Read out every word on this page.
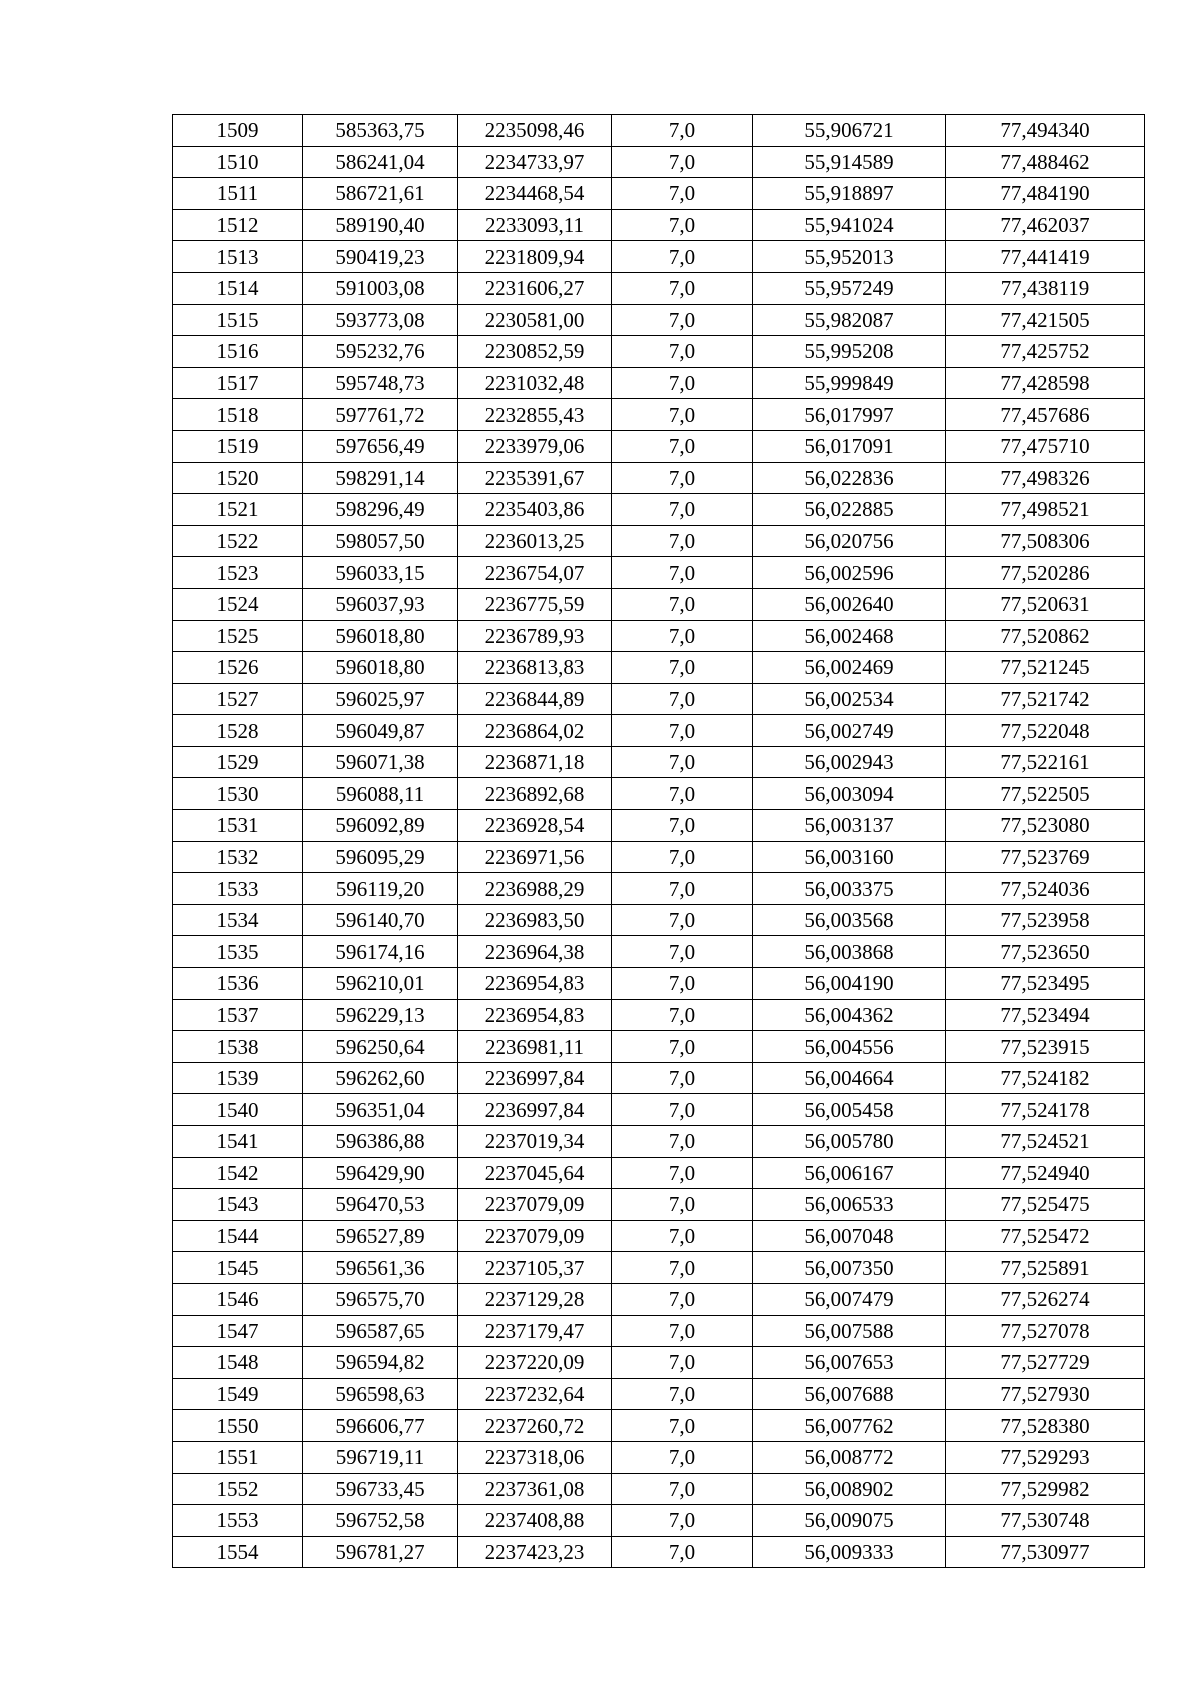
1509	585363,75	2235098,46	7,0	55,906721	77,494340
1510	586241,04	2234733,97	7,0	55,914589	77,488462
1511	586721,61	2234468,54	7,0	55,918897	77,484190
1512	589190,40	2233093,11	7,0	55,941024	77,462037
1513	590419,23	2231809,94	7,0	55,952013	77,441419
1514	591003,08	2231606,27	7,0	55,957249	77,438119
1515	593773,08	2230581,00	7,0	55,982087	77,421505
1516	595232,76	2230852,59	7,0	55,995208	77,425752
1517	595748,73	2231032,48	7,0	55,999849	77,428598
1518	597761,72	2232855,43	7,0	56,017997	77,457686
1519	597656,49	2233979,06	7,0	56,017091	77,475710
1520	598291,14	2235391,67	7,0	56,022836	77,498326
1521	598296,49	2235403,86	7,0	56,022885	77,498521
1522	598057,50	2236013,25	7,0	56,020756	77,508306
1523	596033,15	2236754,07	7,0	56,002596	77,520286
1524	596037,93	2236775,59	7,0	56,002640	77,520631
1525	596018,80	2236789,93	7,0	56,002468	77,520862
1526	596018,80	2236813,83	7,0	56,002469	77,521245
1527	596025,97	2236844,89	7,0	56,002534	77,521742
1528	596049,87	2236864,02	7,0	56,002749	77,522048
1529	596071,38	2236871,18	7,0	56,002943	77,522161
1530	596088,11	2236892,68	7,0	56,003094	77,522505
1531	596092,89	2236928,54	7,0	56,003137	77,523080
1532	596095,29	2236971,56	7,0	56,003160	77,523769
1533	596119,20	2236988,29	7,0	56,003375	77,524036
1534	596140,70	2236983,50	7,0	56,003568	77,523958
1535	596174,16	2236964,38	7,0	56,003868	77,523650
1536	596210,01	2236954,83	7,0	56,004190	77,523495
1537	596229,13	2236954,83	7,0	56,004362	77,523494
1538	596250,64	2236981,11	7,0	56,004556	77,523915
1539	596262,60	2236997,84	7,0	56,004664	77,524182
1540	596351,04	2236997,84	7,0	56,005458	77,524178
1541	596386,88	2237019,34	7,0	56,005780	77,524521
1542	596429,90	2237045,64	7,0	56,006167	77,524940
1543	596470,53	2237079,09	7,0	56,006533	77,525475
1544	596527,89	2237079,09	7,0	56,007048	77,525472
1545	596561,36	2237105,37	7,0	56,007350	77,525891
1546	596575,70	2237129,28	7,0	56,007479	77,526274
1547	596587,65	2237179,47	7,0	56,007588	77,527078
1548	596594,82	2237220,09	7,0	56,007653	77,527729
1549	596598,63	2237232,64	7,0	56,007688	77,527930
1550	596606,77	2237260,72	7,0	56,007762	77,528380
1551	596719,11	2237318,06	7,0	56,008772	77,529293
1552	596733,45	2237361,08	7,0	56,008902	77,529982
1553	596752,58	2237408,88	7,0	56,009075	77,530748
1554	596781,27	2237423,23	7,0	56,009333	77,530977
